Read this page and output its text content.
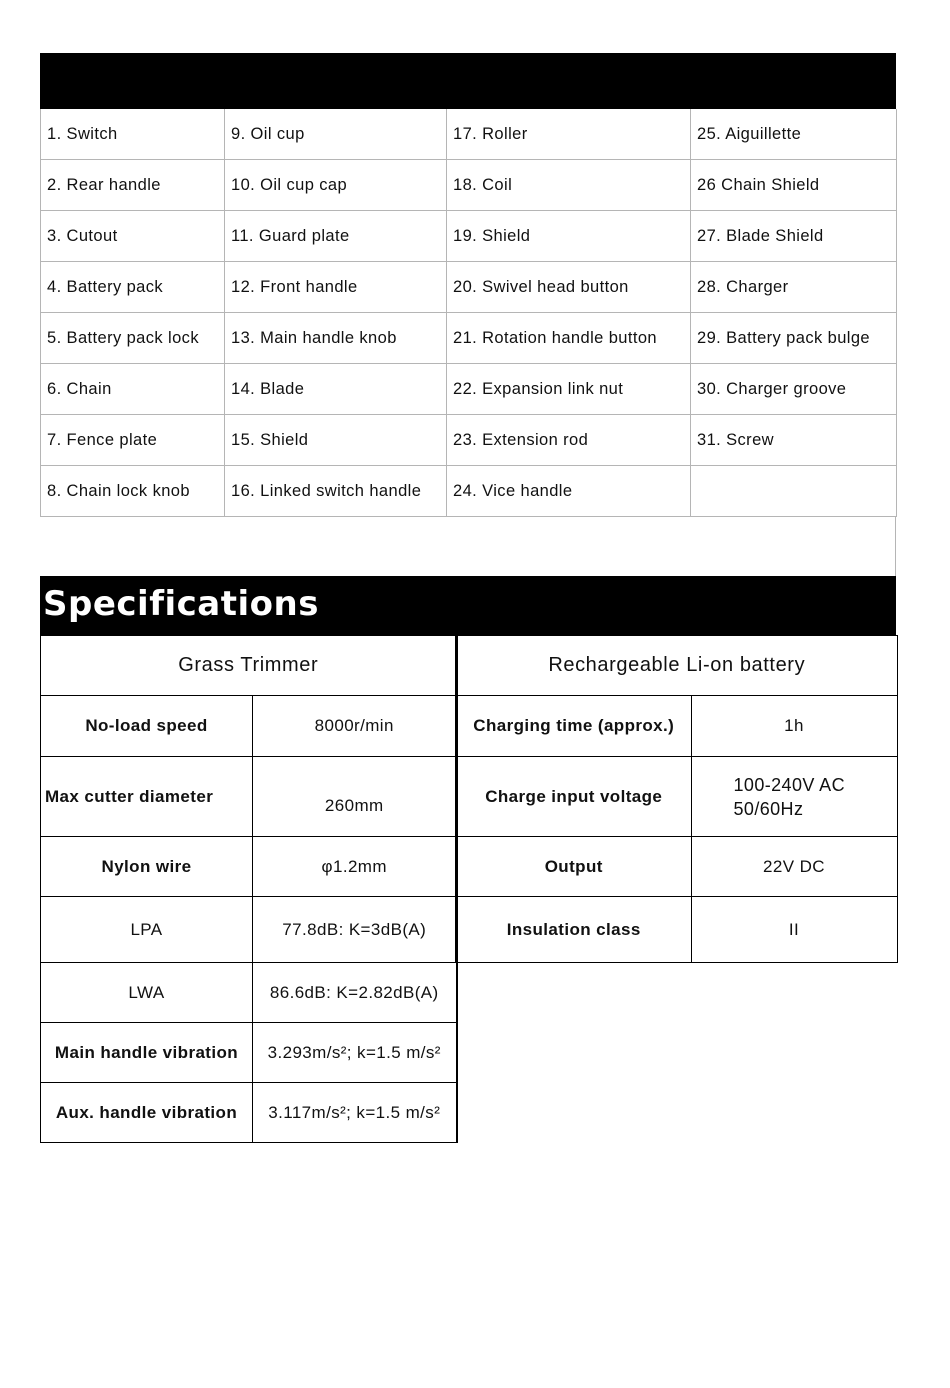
1. Switch	9. Oil cup	17. Roller	25. Aiguillette
2. Rear handle	10. Oil cup cap	18. Coil	26 Chain Shield
3. Cutout	11. Guard plate	19. Shield	27. Blade Shield
4. Battery pack	12. Front handle	20. Swivel head button	28. Charger
5. Battery pack lock	13. Main handle knob	21. Rotation handle button	29. Battery pack bulge
6. Chain	14. Blade	22. Expansion link nut	30. Charger groove
7. Fence plate	15. Shield	23. Extension rod	31. Screw
8. Chain lock knob	16. Linked switch handle	24. Vice handle	
Specifications
Grass Trimmer	
No-load speed	8000r/min
Max cutter diameter	260mm
Nylon wire	φ1.2mm
LPA	77.8dB: K=3dB(A)
LWA	86.6dB: K=2.82dB(A)
Main handle vibration	3.293m/s²; k=1.5 m/s²
Aux. handle vibration	3.117m/s²; k=1.5 m/s²
Rechargeable Li-on battery	
Charging time (approx.)	1h
Charge input voltage	100-240V AC
50/60Hz

Output	22V DC
Insulation class	II
